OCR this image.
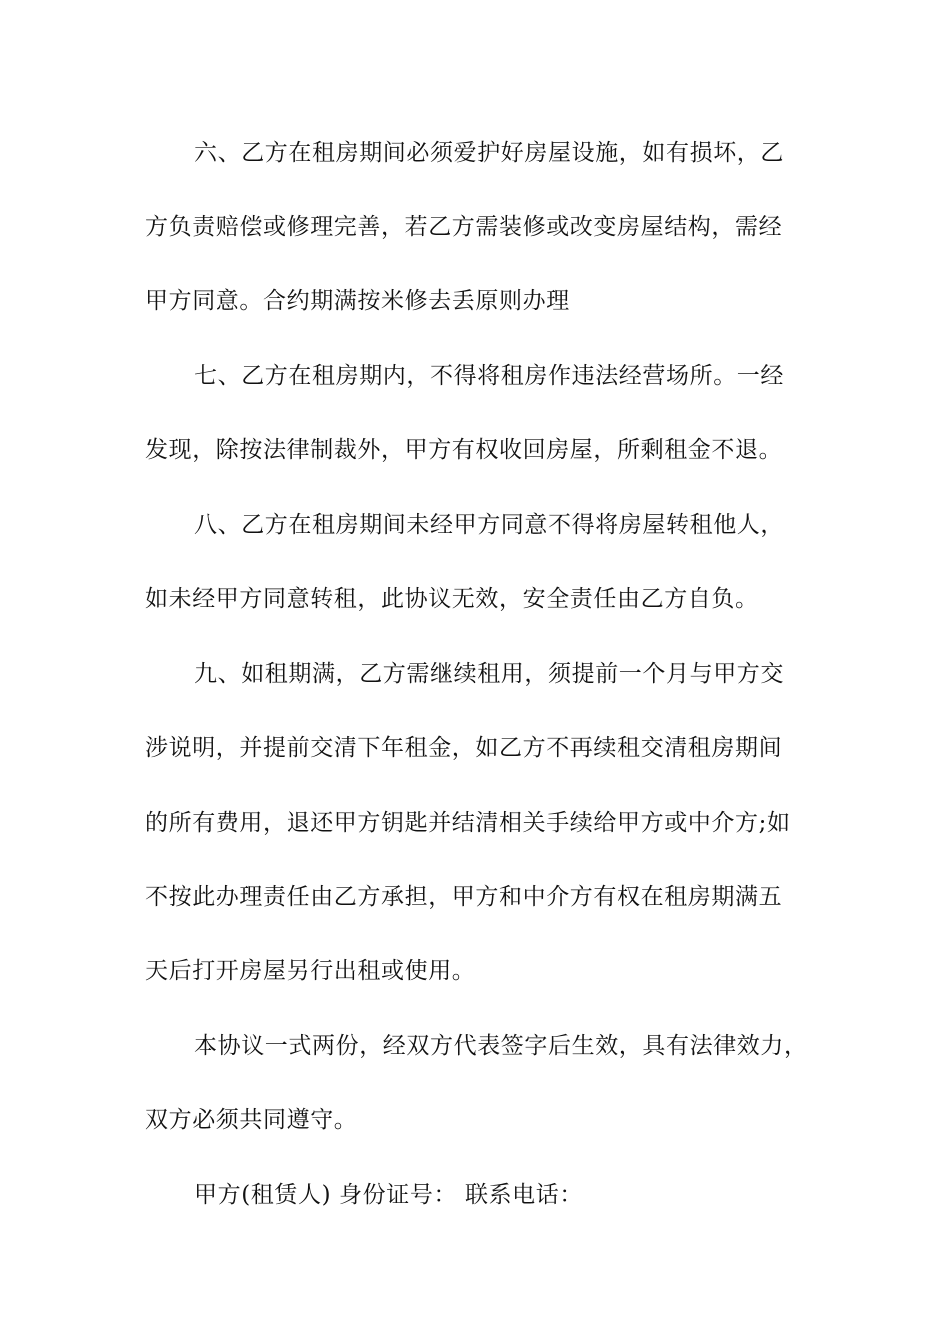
六、乙方在租房期间必须爱护好房屋设施，如有损坏，乙
方负责赔偿或修理完善，若乙方需装修或改变房屋结构，需经
甲方同意。合约期满按米修去丢原则办理
七、乙方在租房期内，不得将租房作违法经营场所。一经
发现，除按法律制裁外，甲方有权收回房屋，所剩租金不退。
八、乙方在租房期间未经甲方同意不得将房屋转租他人，
如未经甲方同意转租，此协议无效，安全责任由乙方自负。
九、如租期满，乙方需继续租用，须提前一个月与甲方交
涉说明，并提前交清下年租金，如乙方不再续租交清租房期间
的所有费用，退还甲方钥匙并结清相关手续给甲方或中介方;如
不按此办理责任由乙方承担，甲方和中介方有权在租房期满五
天后打开房屋另行出租或使用。
本协议一式两份，经双方代表签字后生效，具有法律效力，
双方必须共同遵守。
甲方(租赁人) 身份证号： 联系电话：
